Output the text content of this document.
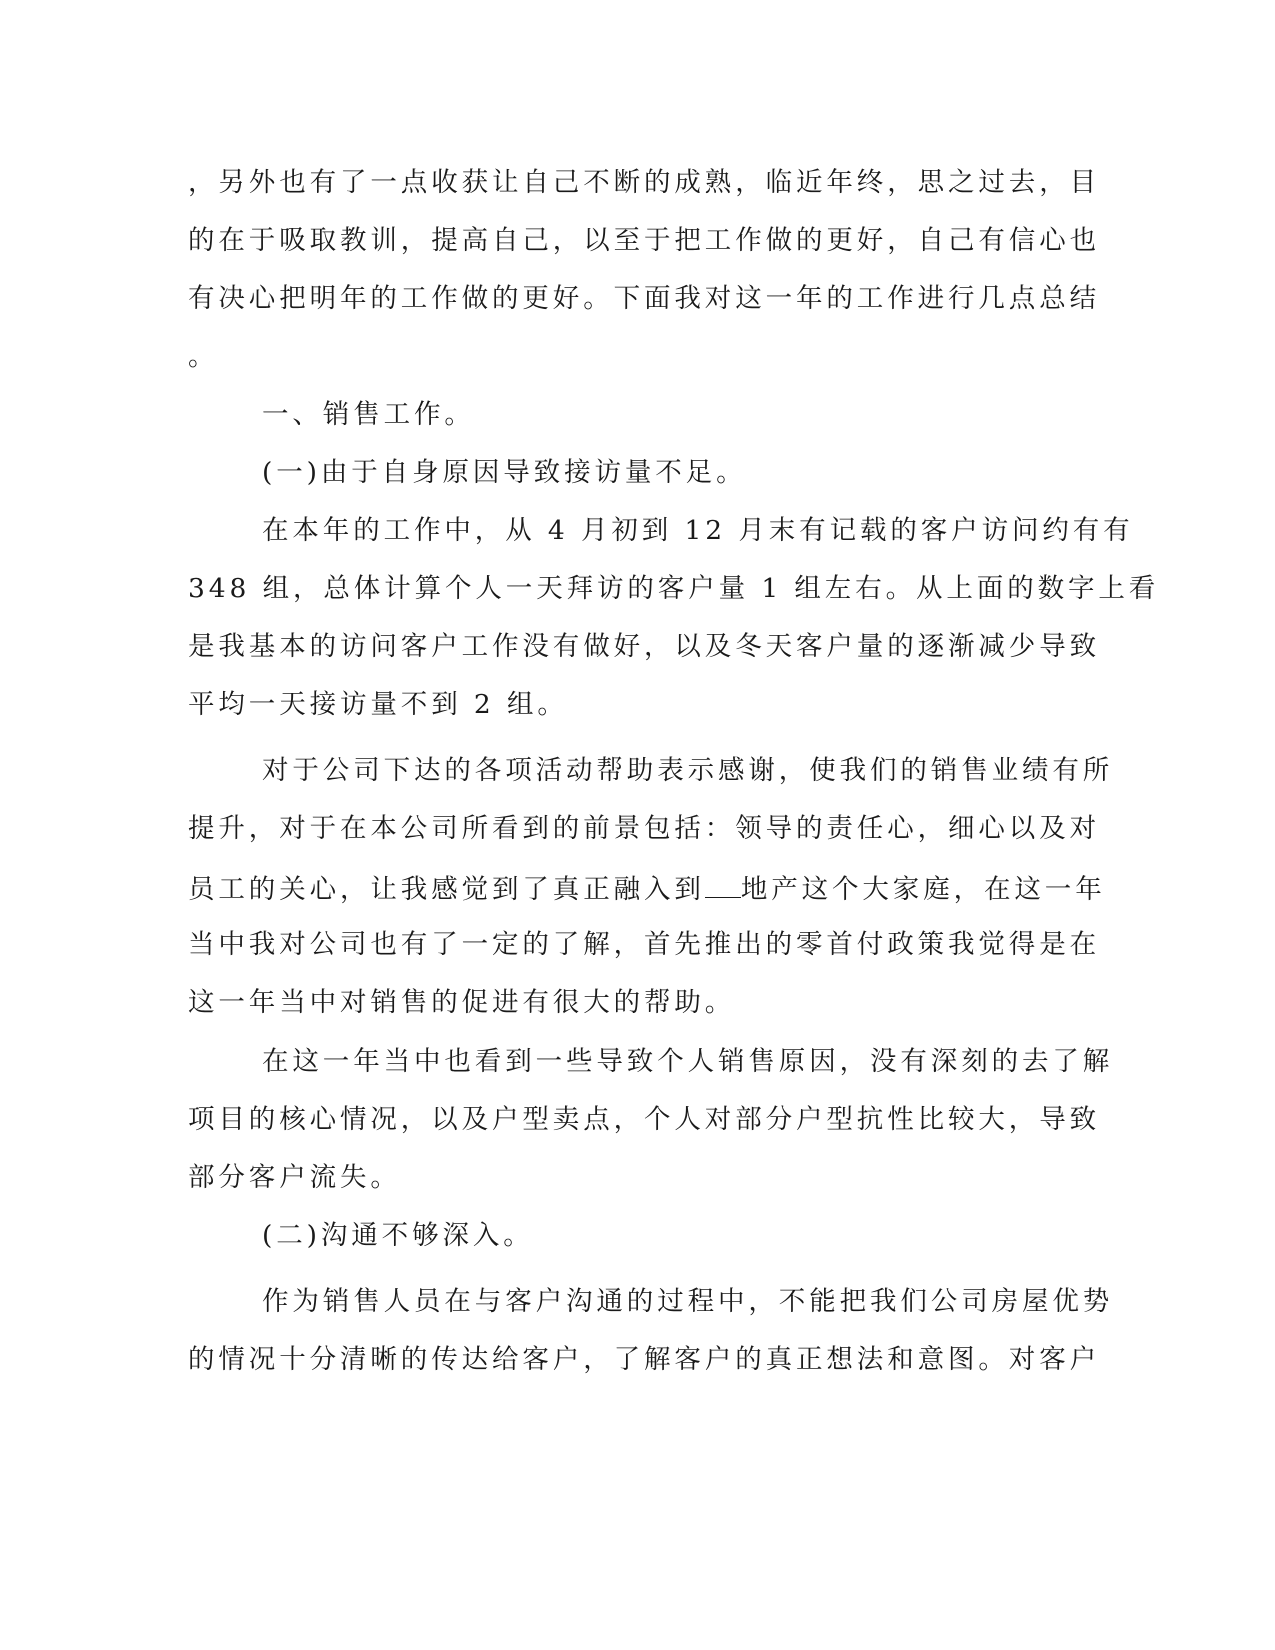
，另外也有了一点收获让自己不断的成熟，临近年终，思之过去，目

的在于吸取教训，提高自己，以至于把工作做的更好，自己有信心也

有决心把明年的工作做的更好。下面我对这一年的工作进行几点总结

。

一、销售工作。

(一)由于自身原因导致接访量不足。

在本年的工作中，从 4 月初到 12 月末有记载的客户访问约有有

348 组，总体计算个人一天拜访的客户量 1 组左右。从上面的数字上看

是我基本的访问客户工作没有做好，以及冬天客户量的逐渐减少导致

平均一天接访量不到 2 组。

对于公司下达的各项活动帮助表示感谢，使我们的销售业绩有所

提升，对于在本公司所看到的前景包括：领导的责任心，细心以及对

员工的关心，让我感觉到了真正融入到 地产这个大家庭，在这一年

当中我对公司也有了一定的了解，首先推出的零首付政策我觉得是在

这一年当中对销售的促进有很大的帮助。

在这一年当中也看到一些导致个人销售原因，没有深刻的去了解

项目的核心情况，以及户型卖点，个人对部分户型抗性比较大，导致

部分客户流失。

(二)沟通不够深入。

作为销售人员在与客户沟通的过程中，不能把我们公司房屋优势

的情况十分清晰的传达给客户，了解客户的真正想法和意图。对客户
